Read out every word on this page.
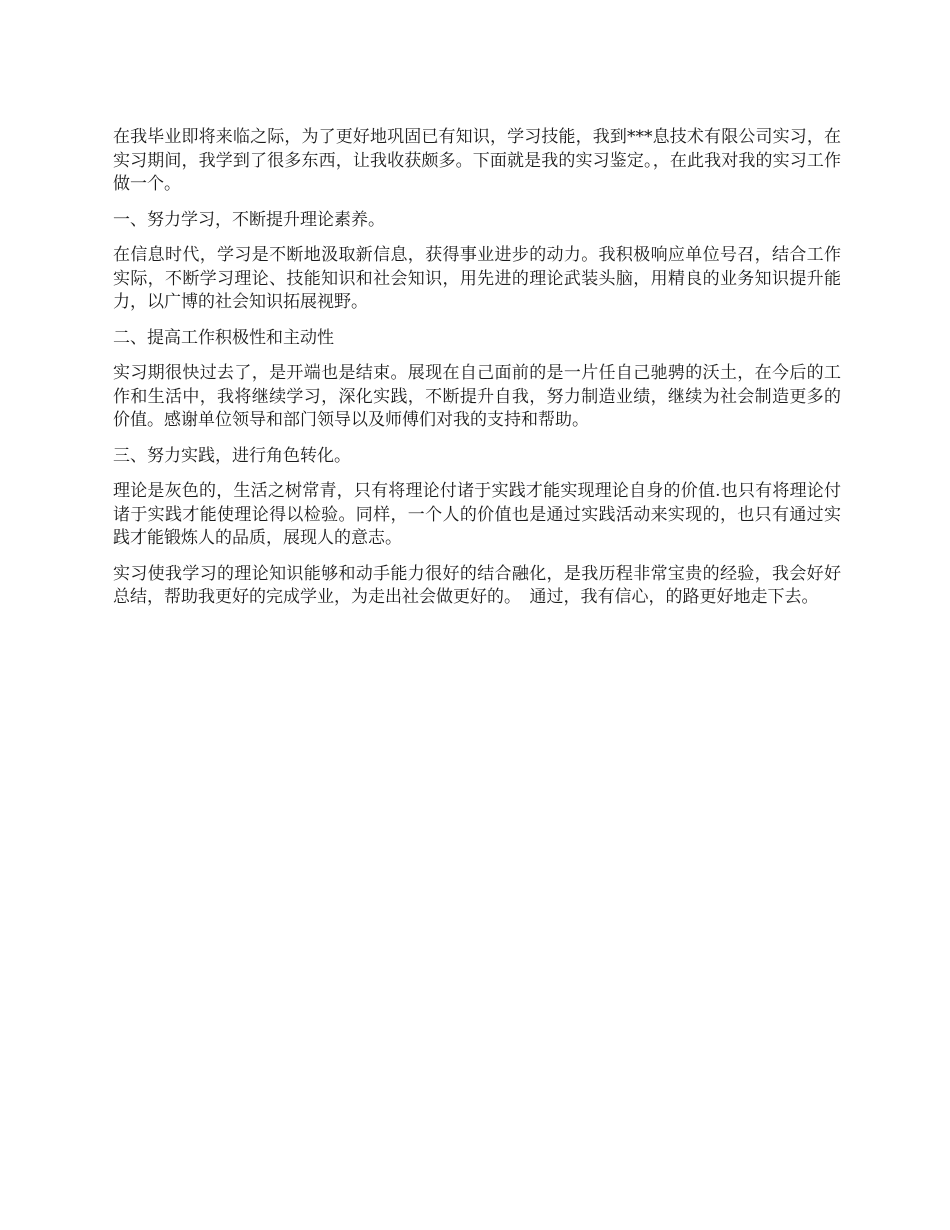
在我毕业即将来临之际，为了更好地巩固已有知识，学习技能，我到***息技术有限公司实习，在实习期间，我学到了很多东西，让我收获颇多。下面就是我的实习鉴定。，在此我对我的实习工作做一个。

一、努力学习，不断提升理论素养。

在信息时代，学习是不断地汲取新信息，获得事业进步的动力。我积极响应单位号召，结合工作实际，不断学习理论、技能知识和社会知识，用先进的理论武装头脑，用精良的业务知识提升能力，以广博的社会知识拓展视野。

二、提高工作积极性和主动性

实习期很快过去了，是开端也是结束。展现在自己面前的是一片任自己驰骋的沃土，在今后的工作和生活中，我将继续学习，深化实践，不断提升自我，努力制造业绩，继续为社会制造更多的价值。感谢单位领导和部门领导以及师傅们对我的支持和帮助。

三、努力实践，进行角色转化。

理论是灰色的，生活之树常青，只有将理论付诸于实践才能实现理论自身的价值.也只有将理论付诸于实践才能使理论得以检验。同样，一个人的价值也是通过实践活动来实现的，也只有通过实践才能锻炼人的品质，展现人的意志。

实习使我学习的理论知识能够和动手能力很好的结合融化，是我历程非常宝贵的经验，我会好好总结，帮助我更好的完成学业，为走出社会做更好的。　通过，我有信心，的路更好地走下去。
